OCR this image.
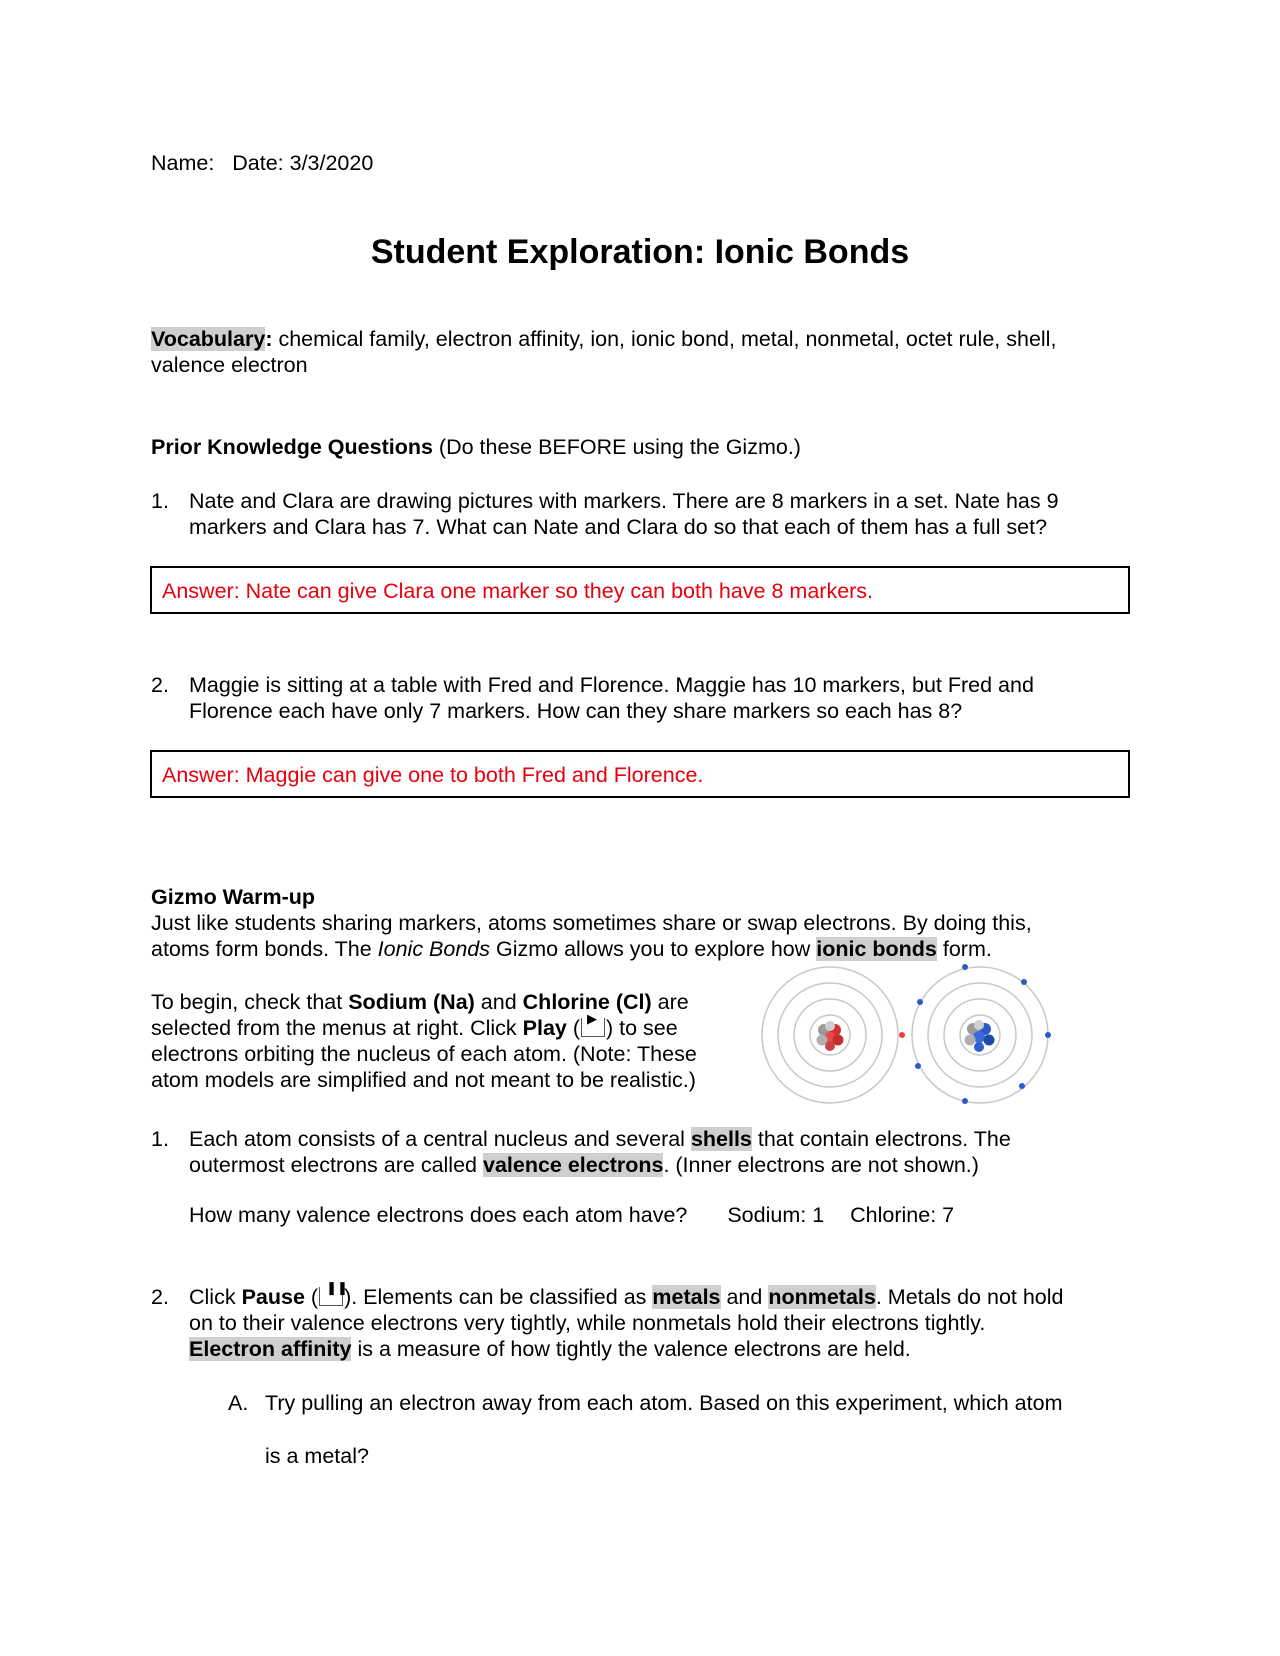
Name: Date: 3/3/2020
Student Exploration: Ionic Bonds
Vocabulary: chemical family, electron affinity, ion, ionic bond, metal, nonmetal, octet rule, shell,
valence electron
Prior Knowledge Questions (Do these BEFORE using the Gizmo.)
1. Nate and Clara are drawing pictures with markers. There are 8 markers in a set. Nate has 9
markers and Clara has 7. What can Nate and Clara do so that each of them has a full set?
Answer: Nate can give Clara one marker so they can both have 8 markers.
2. Maggie is sitting at a table with Fred and Florence. Maggie has 10 markers, but Fred and
Florence each have only 7 markers. How can they share markers so each has 8?
Answer: Maggie can give one to both Fred and Florence.
Gizmo Warm-up
Just like students sharing markers, atoms sometimes share or swap electrons. By doing this,
atoms form bonds. The Ionic Bonds Gizmo allows you to explore how ionic bonds form.
To begin, check that Sodium (Na) and Chlorine (Cl) are
selected from the menus at right. Click Play ( ▶ ) to see
electrons orbiting the nucleus of each atom. (Note: These
atom models are simplified and not meant to be realistic.)
1. Each atom consists of a central nucleus and several shells that contain electrons. The
outermost electrons are called valence electrons. (Inner electrons are not shown.)
How many valence electrons does each atom have? Sodium: 1 Chlorine: 7
2. Click Pause ( ❚❚
). Elements can be classified as metals and nonmetals. Metals do not hold
on to their valence electrons very tightly, while nonmetals hold their electrons tightly.
Electron affinity is a measure of how tightly the valence electrons are held.
A. Try pulling an electron away from each atom. Based on this experiment, which atom
is a metal?
